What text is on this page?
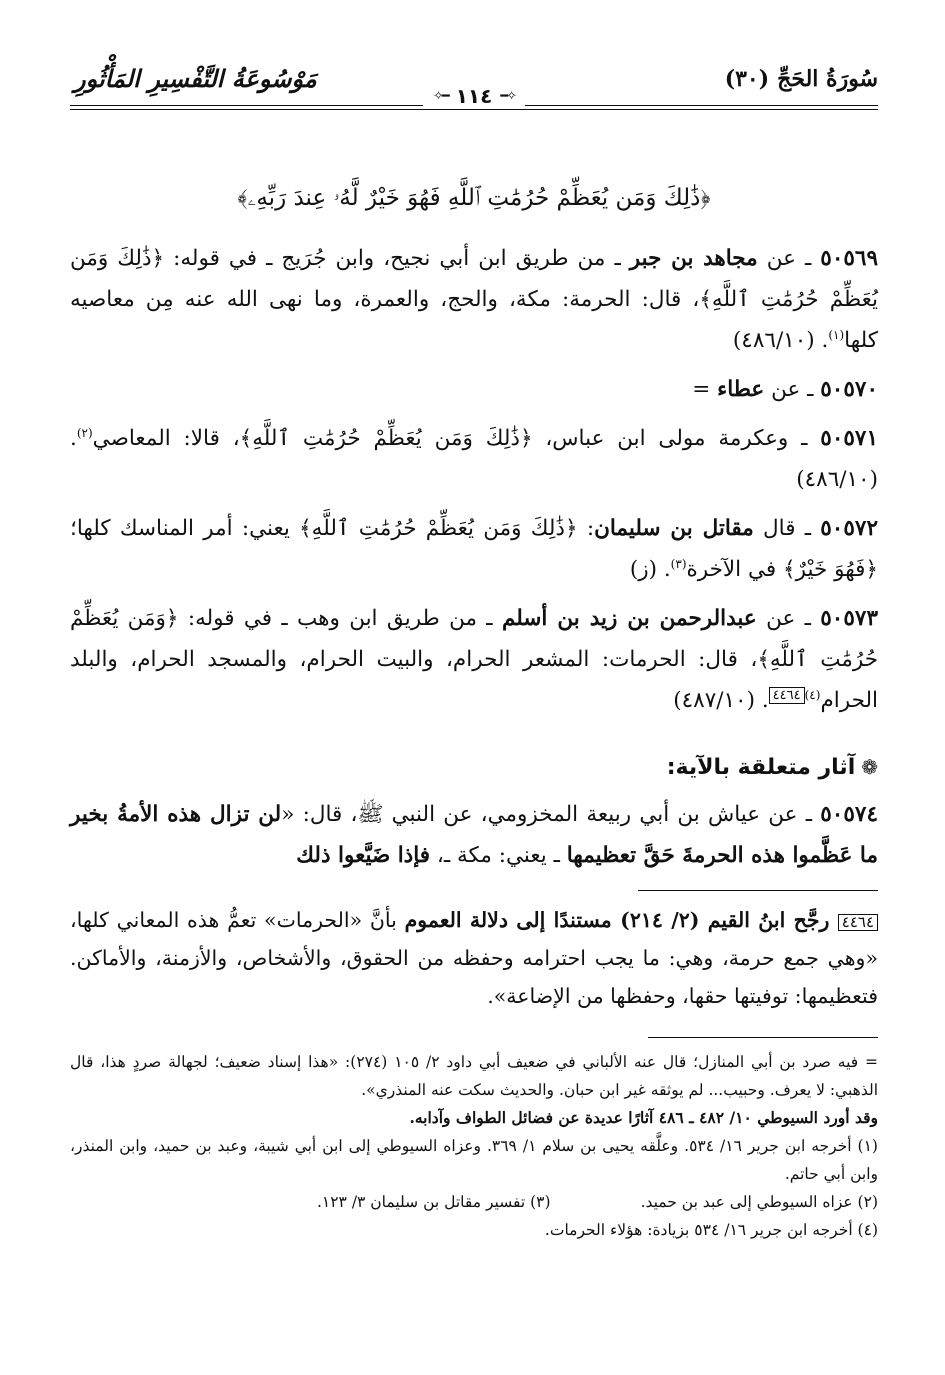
سُورَةُ الحَجِّ
(٣٠)
مَوْسُوعَةُ التَّفْسِيرِ المَأْثُورِ
✧━
١١٤
━✧
﴿ذَٰلِكَ وَمَن يُعَظِّمْ حُرُمَٰتِ ٱللَّهِ فَهُوَ خَيْرٌ لَّهُۥ عِندَ رَبِّهِۦ﴾

٥٠٥٦٩ ـ عن مجاهد بن جبر ـ من طريق ابن أبي نجيح، وابن جُرَيج ـ في قوله: ﴿ذَٰلِكَ وَمَن يُعَظِّمْ حُرُمَٰتِ ٱللَّهِ﴾، قال: الحرمة: مكة، والحج، والعمرة، وما نهى الله عنه مِن معاصيه كلها$^{(١)}$. (٤٨٦/١٠)

٥٠٥٧٠ ـ عن عطاء =

٥٠٥٧١ ـ وعكرمة مولى ابن عباس، ﴿ذَٰلِكَ وَمَن يُعَظِّمْ حُرُمَٰتِ ٱللَّهِ﴾، قالا: المعاصي$^{(٢)}$. (٤٨٦/١٠)

٥٠٥٧٢ ـ قال مقاتل بن سليمان: ﴿ذَٰلِكَ وَمَن يُعَظِّمْ حُرُمَٰتِ ٱللَّهِ﴾ يعني: أمر المناسك كلها؛ ﴿فَهُوَ خَيْرٌ﴾ في الآخرة$^{(٣)}$. (ز)

٥٠٥٧٣ ـ عن عبدالرحمن بن زيد بن أسلم ـ من طريق ابن وهب ـ في قوله: ﴿وَمَن يُعَظِّمْ حُرُمَٰتِ ٱللَّهِ﴾، قال: الحرمات: المشعر الحرام، والبيت الحرام، والمسجد الحرام، والبلد الحرام$^{(٤)}$٤٤٦٤. (٤٨٧/١٠)

❁آثار متعلقة بالآية:

٥٠٥٧٤ ـ عن عياش بن أبي ربيعة المخزومي، عن النبي ﷺ، قال: «لن تزال هذه الأمةُ بخير ما عَظَّموا هذه الحرمةَ حَقَّ تعظيمها ـ يعني: مكة ـ، فإذا ضَيَّعوا ذلك

٤٤٦٤ رجَّح ابنُ القيم (٢/ ٢١٤) مستندًا إلى دلالة العموم بأنَّ «الحرمات» تعمُّ هذه المعاني كلها، «وهي جمع حرمة، وهي: ما يجب احترامه وحفظه من الحقوق، والأشخاص، والأزمنة، والأماكن. فتعظيمها: توفيتها حقها، وحفظها من الإضاعة».

= فيه صرد بن أبي المنازل؛ قال عنه الألباني في ضعيف أبي داود ٢/ ١٠٥ (٢٧٤): «هذا إسناد ضعيف؛ لجهالة صردٍ هذا، قال الذهبي: لا يعرف. وحبيب... لم يوثقه غير ابن حبان. والحديث سكت عنه المنذري».

وقد أورد السيوطي ١٠/ ٤٨٢ ـ ٤٨٦ آثارًا عديدة عن فضائل الطواف وآدابه.

(١) أخرجه ابن جرير ١٦/ ٥٣٤. وعلَّقه يحيى بن سلام ١/ ٣٦٩. وعزاه السيوطي إلى ابن أبي شيبة، وعبد بن حميد، وابن المنذر، وابن أبي حاتم.

(٢) عزاه السيوطي إلى عبد بن حميد.
(٣) تفسير مقاتل بن سليمان ٣/ ١٢٣.

(٤) أخرجه ابن جرير ١٦/ ٥٣٤ بزيادة: هؤلاء الحرمات.
